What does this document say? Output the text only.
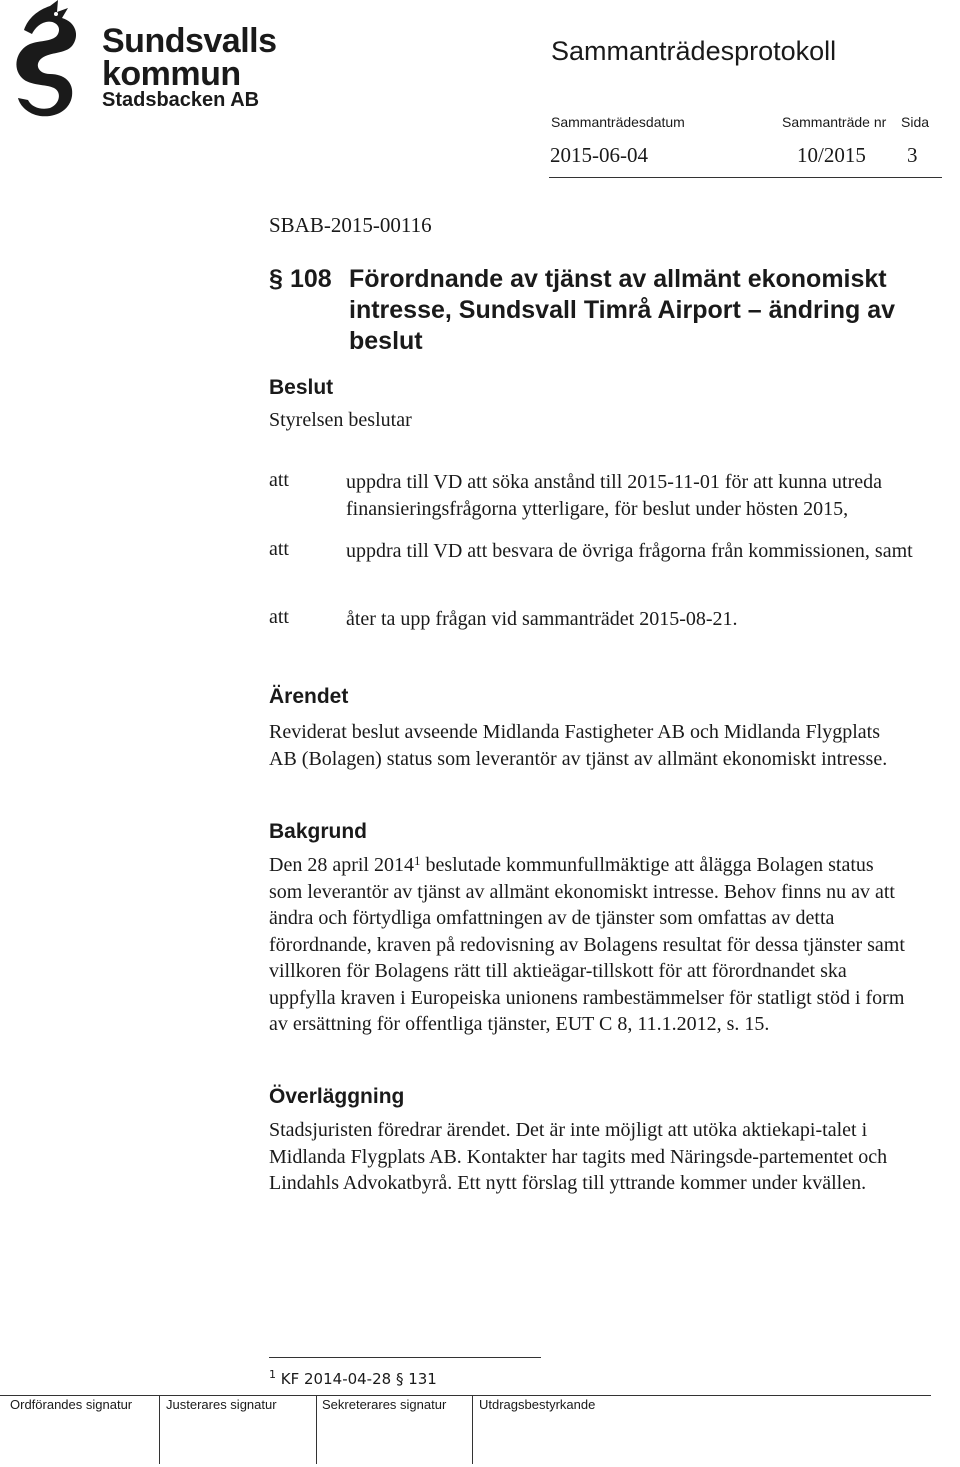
Sundsvalls
kommun
Stadsbacken AB
Sammanträdesprotokoll
Sammanträdesdatum	Sammanträde nr Sida
2015-06-04	10/2015 3
SBAB-2015-00116
§ 108 Förordnande av tjänst av allmänt ekonomiskt intresse, Sundsvall Timrå Airport – ändring av beslut
Beslut
Styrelsen beslutar
att	uppdra till VD att söka anstånd till 2015-11-01 för att kunna utreda finansieringsfrågorna ytterligare, för beslut under hösten 2015,
att	uppdra till VD att besvara de övriga frågorna från kommissionen, samt
att	åter ta upp frågan vid sammanträdet 2015-08-21.
Ärendet
Reviderat beslut avseende Midlanda Fastigheter AB och Midlanda Flygplats AB (Bolagen) status som leverantör av tjänst av allmänt ekonomiskt intresse.
Bakgrund
Den 28 april 2014$^1$ beslutade kommunfullmäktige att ålägga Bolagen status som leverantör av tjänst av allmänt ekonomiskt intresse. Behov finns nu av att ändra och förtydliga omfattningen av de tjänster som omfattas av detta förordnande, kraven på redovisning av Bolagens resultat för dessa tjänster samt villkoren för Bolagens rätt till aktieägar-tillskott för att förordnandet ska uppfylla kraven i Europeiska unionens rambestämmelser för statligt stöd i form av ersättning för offentliga tjänster, EUT C 8, 11.1.2012, s. 15.
Överläggning
Stadsjuristen föredrar ärendet. Det är inte möjligt att utöka aktiekapi-talet i Midlanda Flygplats AB. Kontakter har tagits med Näringsde-partementet och Lindahls Advokatbyrå. Ett nytt förslag till yttrande kommer under kvällen.
$^1$ KF 2014-04-28 § 131
Ordförandes signatur	Justerares signatur	Sekreterares signatur	Utdragsbestyrkande
